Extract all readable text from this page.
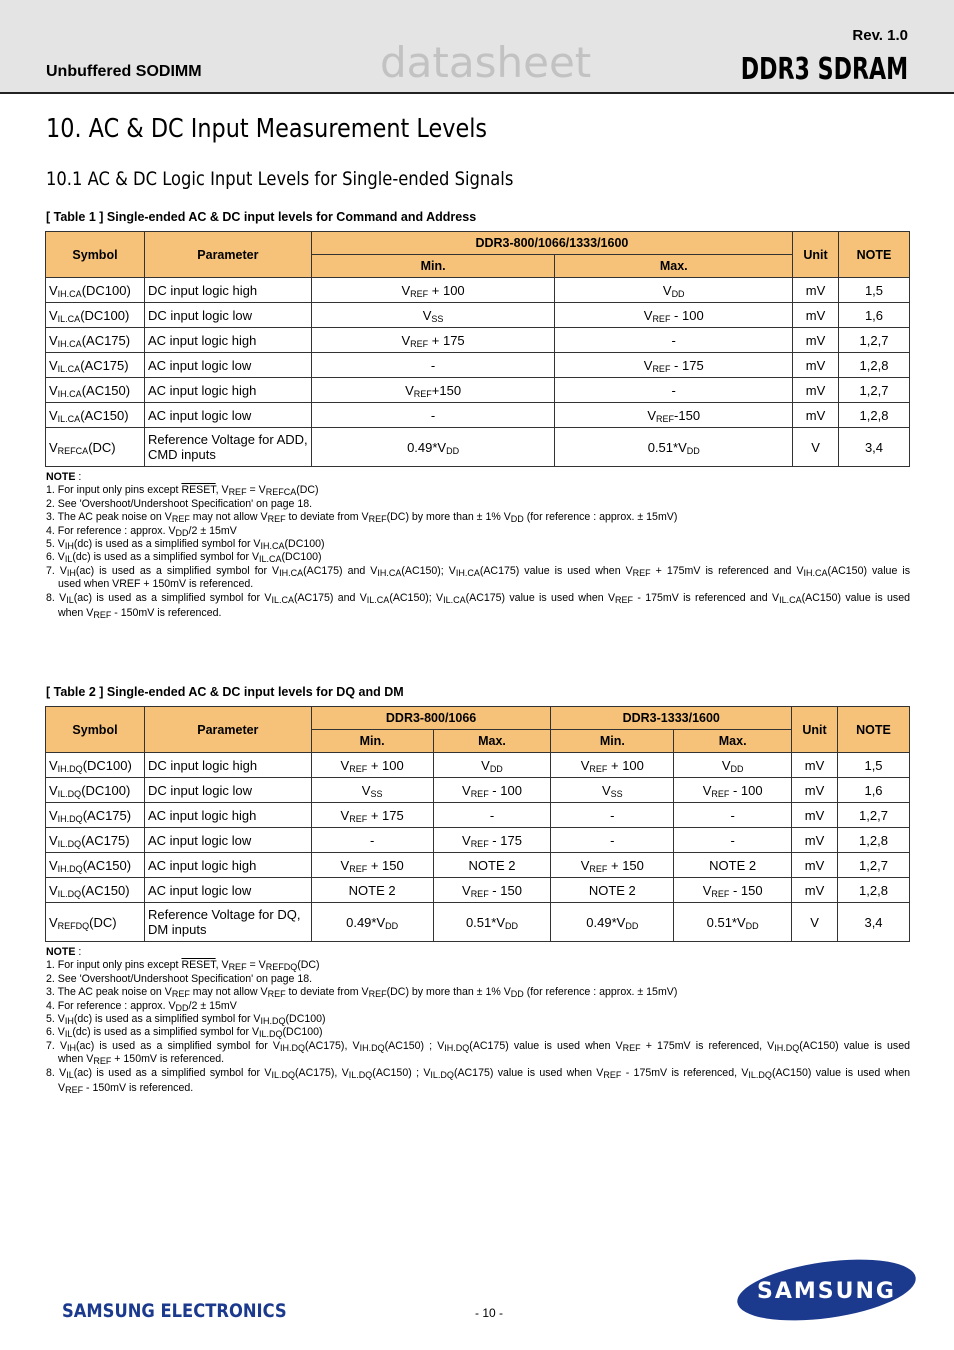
Unbuffered SODIMM	datasheet
Rev. 1.0
DDR3 SDRAM
10. AC & DC Input Measurement Levels
10.1 AC & DC Logic Input Levels for Single-ended Signals
[ Table 1 ] Single-ended AC & DC input levels for Command and Address
Symbol	Parameter	DDR3-800/1066/1333/1600		Unit	NOTE
		Min.	Max.		
$V_{IH.CA}(DC100)$	DC input logic high	$V_{REF} + 100$	$V_{DD}$	mV	1,5
$V_{IL.CA}(DC100)$	DC input logic low	$V_{SS}$	$V_{REF} - 100$	mV	1,6
$V_{IH.CA}(AC175)$	AC input logic high	$V_{REF} + 175$	-	mV	1,2,7
$V_{IL.CA}(AC175)$	AC input logic low	-	$V_{REF} - 175$	mV	1,2,8
$V_{IH.CA}(AC150)$	AC input logic high	$V_{REF}+150$	-	mV	1,2,7
$V_{IL.CA}(AC150)$	AC input logic low	-	$V_{REF}-150$	mV	1,2,8
$V_{REFCA}(DC)$	Reference Voltage for ADD, CMD inputs	$0.49*V_{DD}$	$0.51*V_{DD}$	V	3,4

NOTE :

1. For input only pins except RESET, $V_{REF} = V_{REFCA}(DC)$

2. See 'Overshoot/Undershoot Specification' on page 18.

3. The AC peak noise on $V_{REF}$ may not allow $V_{REF}$ to deviate from $V_{REF}(DC)$ by more than ± 1% $V_{DD}$ (for reference : approx. ± 15mV)

4. For reference : approx. $V_{DD}/2 \pm 15mV$

5. $V_{IH}(dc)$ is used as a simplified symbol for $V_{IH.CA}(DC100)$

6. $V_{IL}(dc)$ is used as a simplified symbol for $V_{IL.CA}(DC100)$

7. $V_{IH}(ac)$ is used as a simplified symbol for $V_{IH.CA}(AC175)$ and $V_{IH.CA}(AC150)$; $V_{IH.CA}(AC175)$ value is used when $V_{REF} + 175mV$ is referenced and $V_{IH.CA}(AC150)$ value is

used when VREF + 150mV is referenced.

8. $V_{IL}(ac)$ is used as a simplified symbol for $V_{IL.CA}(AC175)$ and $V_{IL.CA}(AC150)$; $V_{IL.CA}(AC175)$ value is used when $V_{REF} - 175mV$ is referenced and $V_{IL.CA}(AC150)$ value is used

when $V_{REF} - 150mV$ is referenced.

[ Table 2 ] Single-ended AC & DC input levels for DQ and DM
Symbol	Parameter	DDR3-800/1066		DDR3-1333/1600		Unit	NOTE
		Min.	Max.	Min.	Max.		
$V_{IH.DQ}(DC100)$	DC input logic high	$V_{REF} + 100$	$V_{DD}$	$V_{REF} + 100$	$V_{DD}$	mV	1,5
$V_{IL.DQ}(DC100)$	DC input logic low	$V_{SS}$	$V_{REF} - 100$	$V_{SS}$	$V_{REF} - 100$	mV	1,6
$V_{IH.DQ}(AC175)$	AC input logic high	$V_{REF} + 175$	-	-	-	mV	1,2,7
$V_{IL.DQ}(AC175)$	AC input logic low	-	$V_{REF} - 175$	-	-	mV	1,2,8
$V_{IH.DQ}(AC150)$	AC input logic high	$V_{REF} + 150$	NOTE 2	$V_{REF} + 150$	NOTE 2	mV	1,2,7
$V_{IL.DQ}(AC150)$	AC input logic low	NOTE 2	$V_{REF} - 150$	NOTE 2	$V_{REF} - 150$	mV	1,2,8
$V_{REFDQ}(DC)$	Reference Voltage for DQ, DM inputs	$0.49*V_{DD}$	$0.51*V_{DD}$	$0.49*V_{DD}$	$0.51*V_{DD}$	V	3,4

NOTE :

1. For input only pins except RESET, $V_{REF} = V_{REFDQ}(DC)$

2. See 'Overshoot/Undershoot Specification' on page 18.

3. The AC peak noise on $V_{REF}$ may not allow $V_{REF}$ to deviate from $V_{REF}(DC)$ by more than ± 1% $V_{DD}$ (for reference : approx. ± 15mV)

4. For reference : approx. $V_{DD}/2 \pm 15mV$

5. $V_{IH}(dc)$ is used as a simplified symbol for $V_{IH.DQ}(DC100)$

6. $V_{IL}(dc)$ is used as a simplified symbol for $V_{IL.DQ}(DC100)$

7. $V_{IH}(ac)$ is used as a simplified symbol for $V_{IH.DQ}(AC175)$, $V_{IH.DQ}(AC150)$ ; $V_{IH.DQ}(AC175)$ value is used when $V_{REF} + 175mV$ is referenced, $V_{IH.DQ}(AC150)$ value is used

when $V_{REF} + 150mV$ is referenced.

8. $V_{IL}(ac)$ is used as a simplified symbol for $V_{IL.DQ}(AC175)$, $V_{IL.DQ}(AC150)$ ; $V_{IL.DQ}(AC175)$ value is used when $V_{REF} - 175mV$ is referenced, $V_{IL.DQ}(AC150)$ value is used when

$V_{REF} - 150mV$ is referenced.

SAMSUNG ELECTRONICS	- 10 -
SAMSUNG
